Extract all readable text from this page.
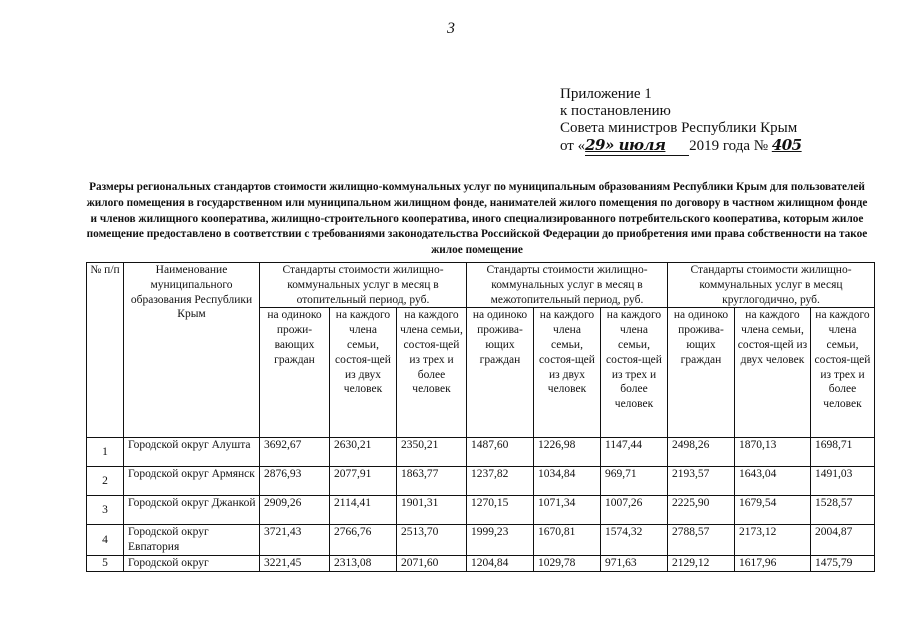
3
Приложение 1
к постановлению
Совета министров Республики Крым
от «29» июля 2019 года № 405
Размеры региональных стандартов стоимости жилищно-коммунальных услуг по муниципальным образованиям Республики Крым для пользователей жилого помещения в государственном или муниципальном жилищном фонде, нанимателей жилого помещения по договору в частном жилищном фонде и членов жилищного кооператива, жилищно-строительного кооператива, иного специализированного потребительского кооператива, которым жилое помещение предоставлено в соответствии с требованиями законодательства Российской Федерации до приобретения ими права собственности на такое жилое помещение
№ п/п	Наименование муниципального образования Республики Крым	Стандарты стоимости жилищно-коммунальных услуг в месяц в отопительный период, руб.			Стандарты стоимости жилищно-коммунальных услуг в месяц в межотопительный период, руб.			Стандарты стоимости жилищно-коммунальных услуг в месяц круглогодично, руб.		
		на одиноко прожи-вающих граждан	на каждого члена семьи, состоя-щей из двух человек	на каждого члена семьи, состоя-щей из трех и более человек	на одиноко прожива-ющих граждан	на каждого члена семьи, состоя-щей из двух человек	на каждого члена семьи, состоя-щей из трех и более человек	на одиноко прожива-ющих граждан	на каждого члена семьи, состоя-щей из двух человек	на каждого члена семьи, состоя-щей из трех и более человек
1	Городской округ Алушта	3692,67	2630,21	2350,21	1487,60	1226,98	1147,44	2498,26	1870,13	1698,71
2	Городской округ Армянск	2876,93	2077,91	1863,77	1237,82	1034,84	969,71	2193,57	1643,04	1491,03
3	Городской округ Джанкой	2909,26	2114,41	1901,31	1270,15	1071,34	1007,26	2225,90	1679,54	1528,57
4	Городской округ Евпатория	3721,43	2766,76	2513,70	1999,23	1670,81	1574,32	2788,57	2173,12	2004,87
5	Городской округ	3221,45	2313,08	2071,60	1204,84	1029,78	971,63	2129,12	1617,96	1475,79
